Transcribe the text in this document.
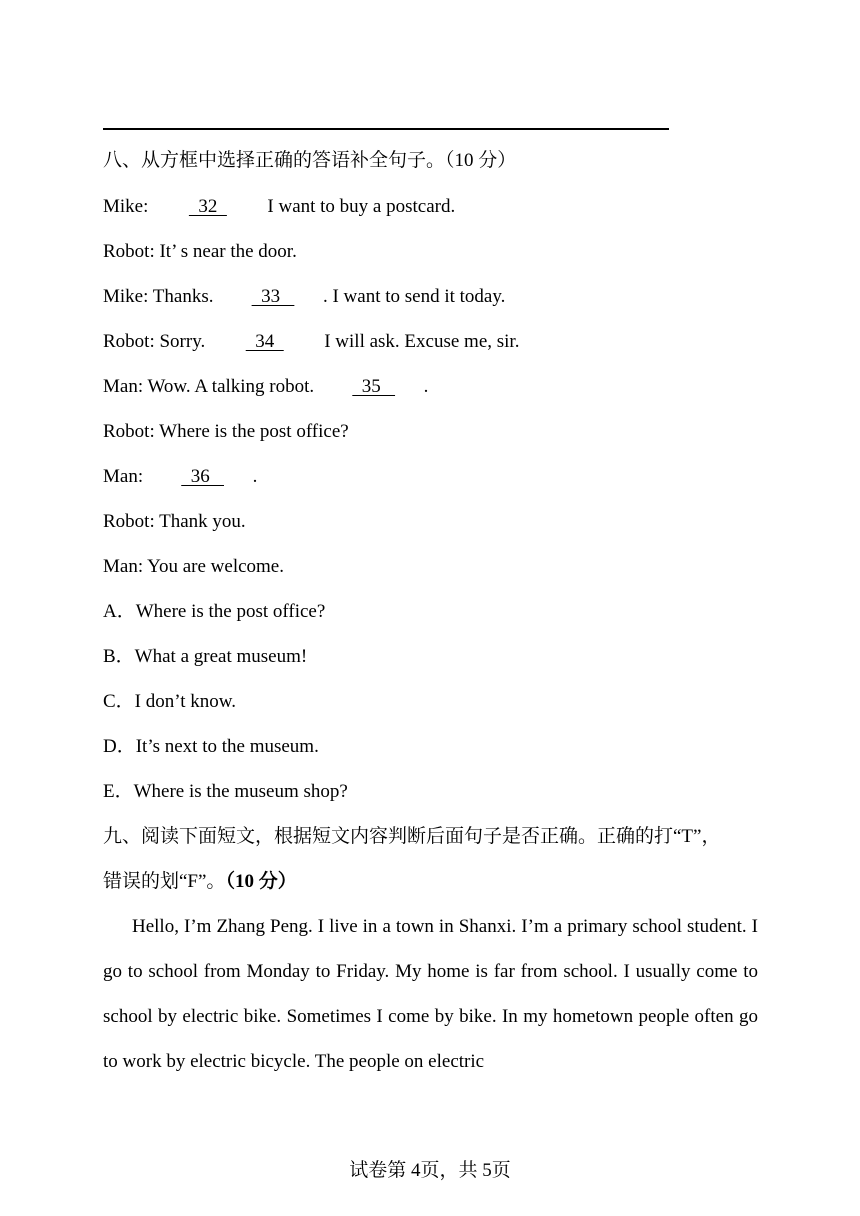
八、从方框中选择正确的答语补全句子。（10 分）
Mike:    32    I want to buy a postcard.
Robot: It’ s near the door.
Mike: Thanks.    33   . I want to send it today.
Robot: Sorry.    34    I will ask. Excuse me, sir.
Man: Wow. A talking robot.    35   .
Robot: Where is the post office?
Man:    36   .
Robot: Thank you.
Man: You are welcome.
A．Where is the post office?
B．What a great museum!
C．I don’t know.
D．It’s next to the museum.
E．Where is the museum shop?
九、阅读下面短文，根据短文内容判断后面句子是否正确。正确的打“T”，
错误的划“F”。（10 分）
Hello, I’m Zhang Peng. I live in a town in Shanxi. I’m a primary school student. I go to school from Monday to Friday. My home is far from school. I usually come to school by electric bike. Sometimes I come by bike. In my hometown people often go to work by electric bicycle. The people on electric
试卷第 4页，共 5页
